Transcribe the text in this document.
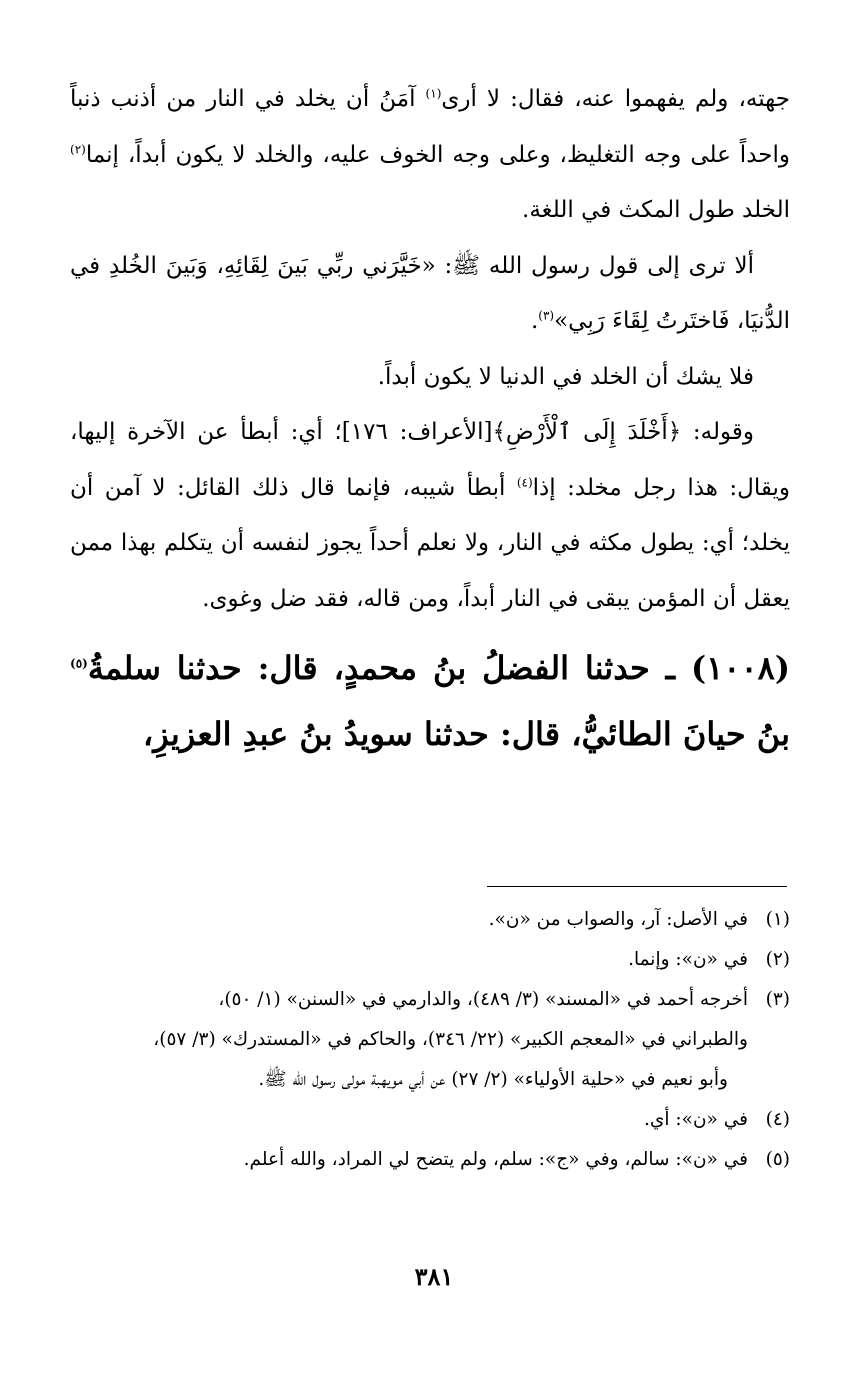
جهته، ولم يفهموا عنه، فقال: لا أرى$^{(١)}$ آمَنُ أن يخلد في النار من أذنب ذنباً واحداً على وجه التغليظ، وعلى وجه الخوف عليه، والخلد لا يكون أبداً، إنما$^{(٢)}$ الخلد طول المكث في اللغة.

ألا ترى إلى قول رسول الله ﷺ: «خَيَّرَني ربِّي بَينَ لِقَائِهِ، وَبَينَ الخُلدِ في الدُّنيَا، فَاختَرتُ لِقَاءَ رَبِي»$^{(٣)}$.

فلا يشك أن الخلد في الدنيا لا يكون أبداً.

وقوله: ﴿أَخْلَدَ إِلَى ٱلْأَرْضِ﴾[الأعراف: ١٧٦]؛ أي: أبطأ عن الآخرة إليها، ويقال: هذا رجل مخلد: إذا$^{(٤)}$ أبطأ شيبه، فإنما قال ذلك القائل: لا آمن أن يخلد؛ أي: يطول مكثه في النار، ولا نعلم أحداً يجوز لنفسه أن يتكلم بهذا ممن يعقل أن المؤمن يبقى في النار أبداً، ومن قاله، فقد ضل وغوى.

(١٠٠٨) ـ حدثنا الفضلُ بنُ محمدٍ، قال: حدثنا سلمةُ$^{(٥)}$ بنُ حيانَ الطائيُّ، قال: حدثنا سويدُ بنُ عبدِ العزيزِ،

(١)
في الأصل: آر، والصواب من «ن».
(٢)
في «ن»: وإنما.
(٣)
أخرجه أحمد في «المسند» (٣/ ٤٨٩)، والدارمي في «السنن» (١/ ٥٠)،
والطبراني في «المعجم الكبير» (٢٢/ ٣٤٦)، والحاكم في «المستدرك» (٣/ ٥٧)،
وأبو نعيم في «حلية الأولياء» (٢/ ٢٧) عن أبي مويهبة مولى رسول الله ﷺ.
(٤)
في «ن»: أي.
(٥)
في «ن»: سالم، وفي «ج»: سلم، ولم يتضح لي المراد، والله أعلم.
٣٨١
